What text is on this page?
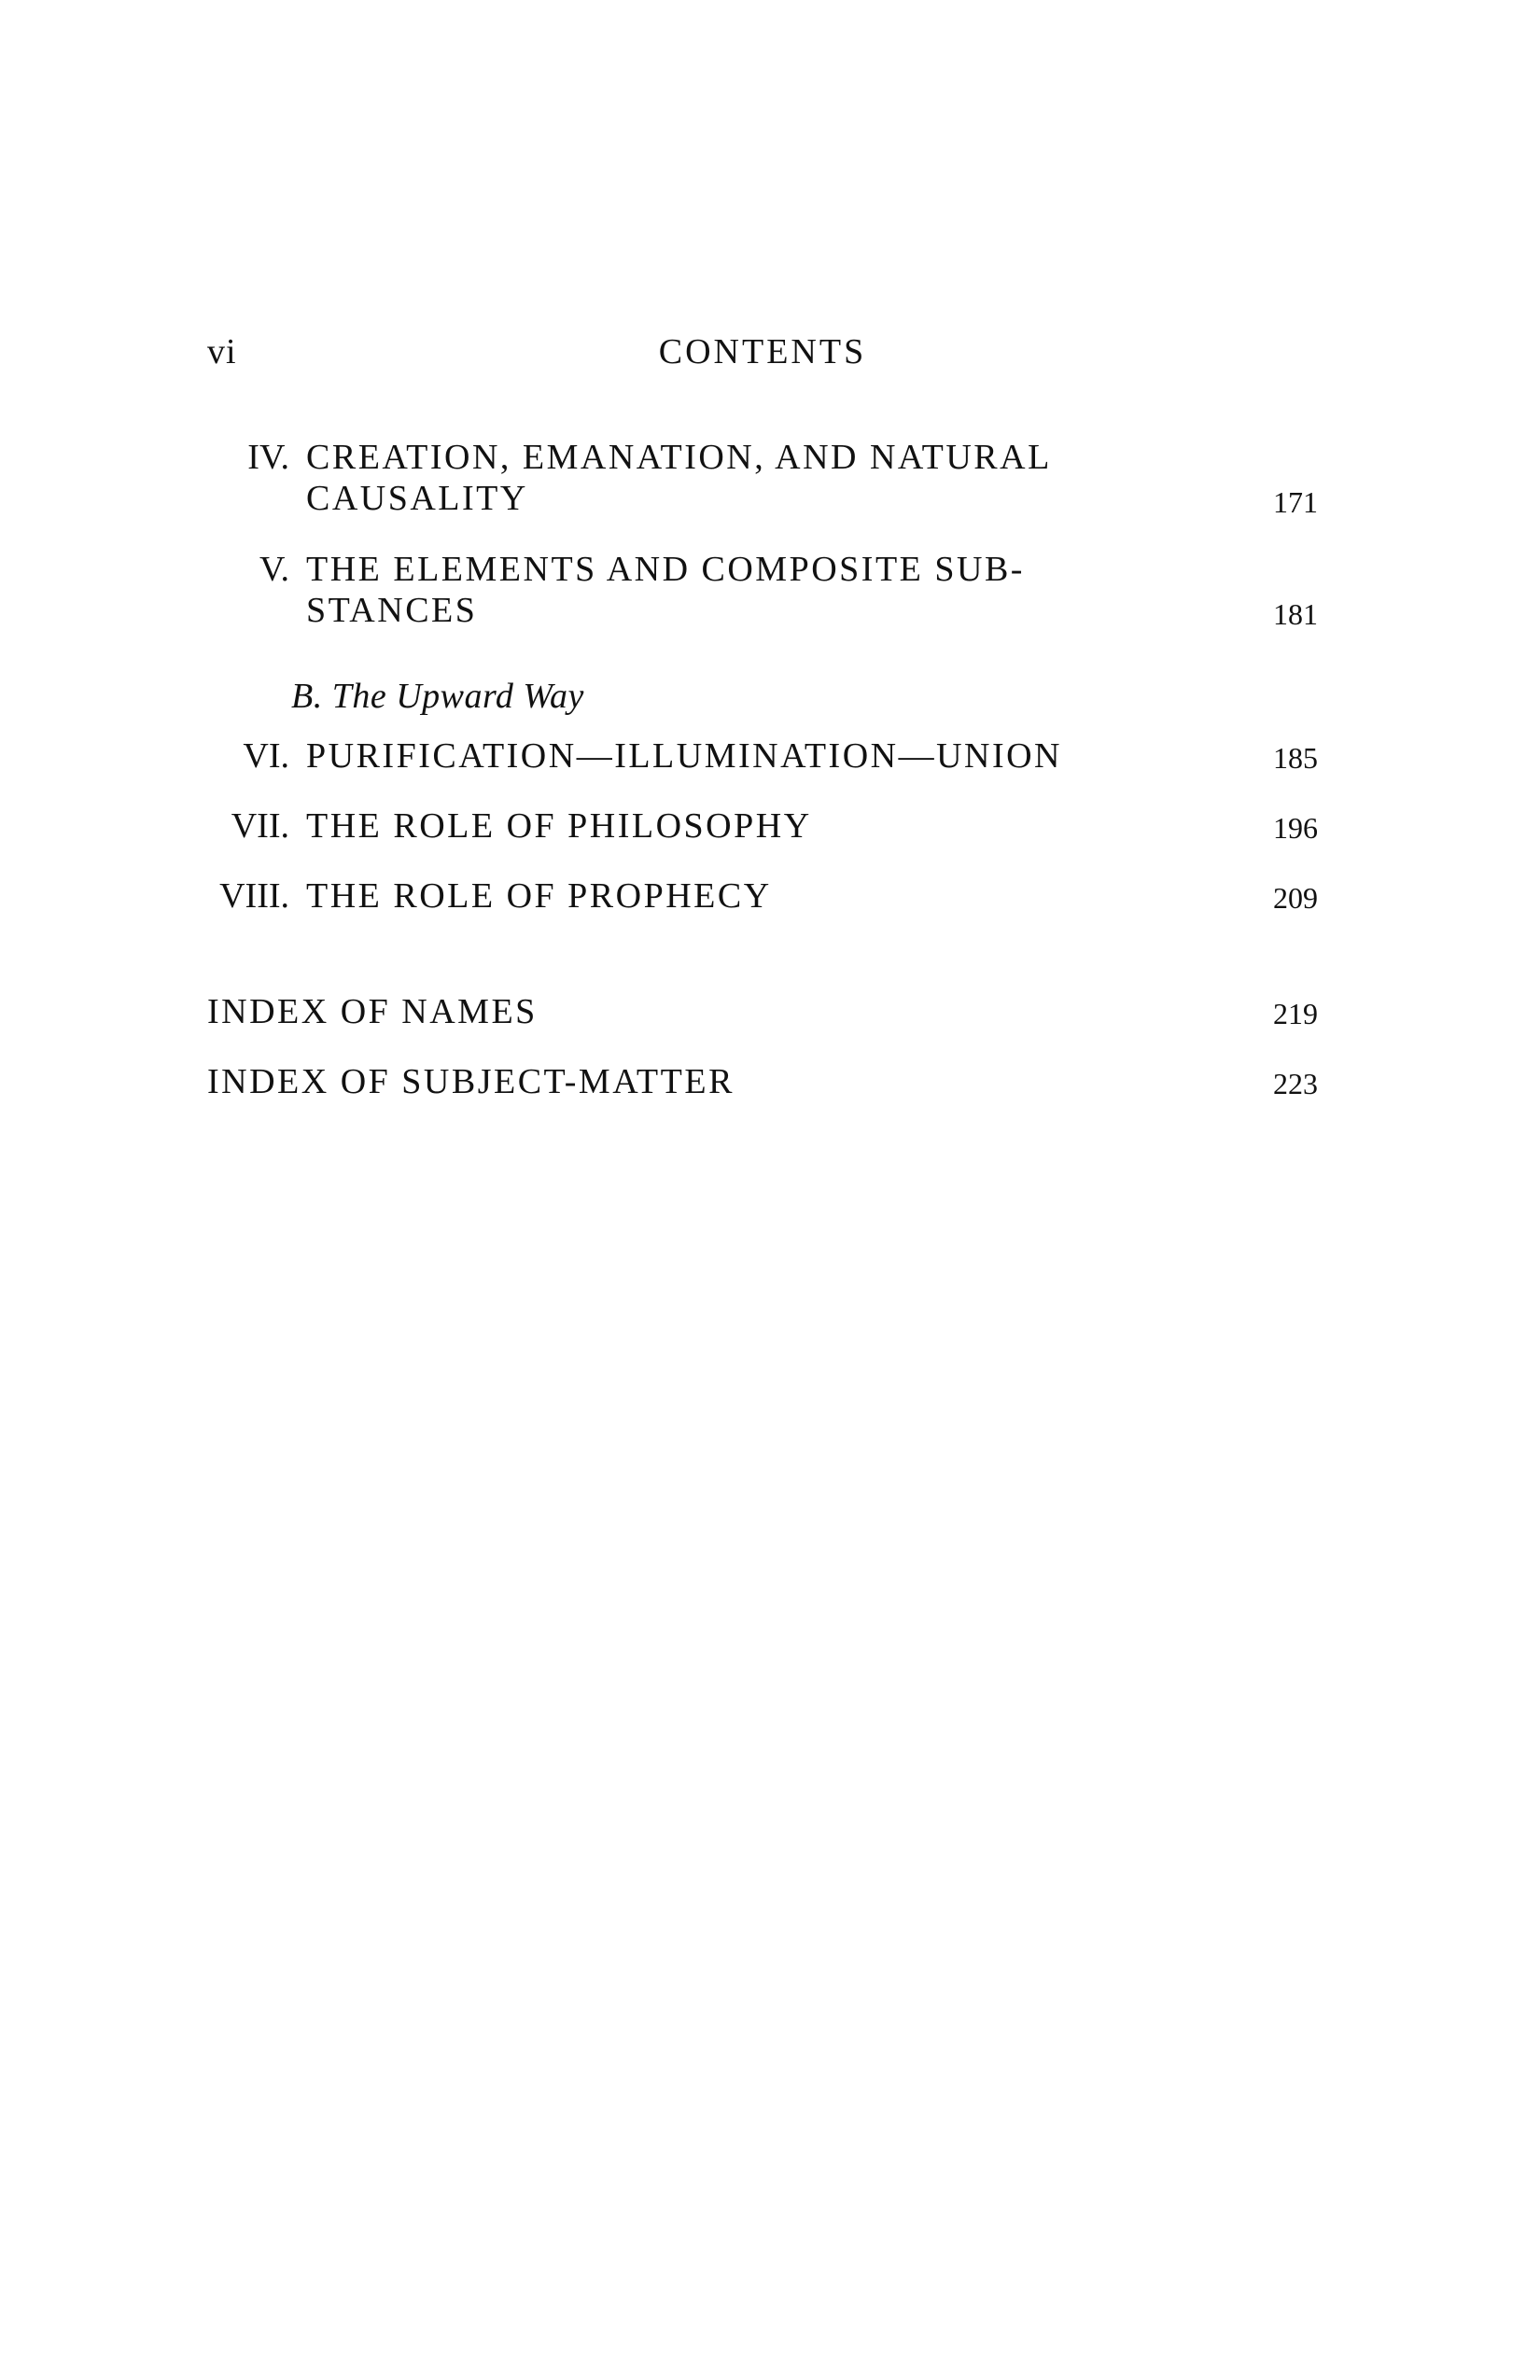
vi	CONTENTS
IV. CREATION, EMANATION, AND NATURAL
CAUSALITY	171
V. THE ELEMENTS AND COMPOSITE SUB-
STANCES	181
B. The Upward Way
VI. PURIFICATION—ILLUMINATION—UNION	185
VII. THE ROLE OF PHILOSOPHY	196
VIII. THE ROLE OF PROPHECY	209
INDEX OF NAMES	219
INDEX OF SUBJECT-MATTER	223
